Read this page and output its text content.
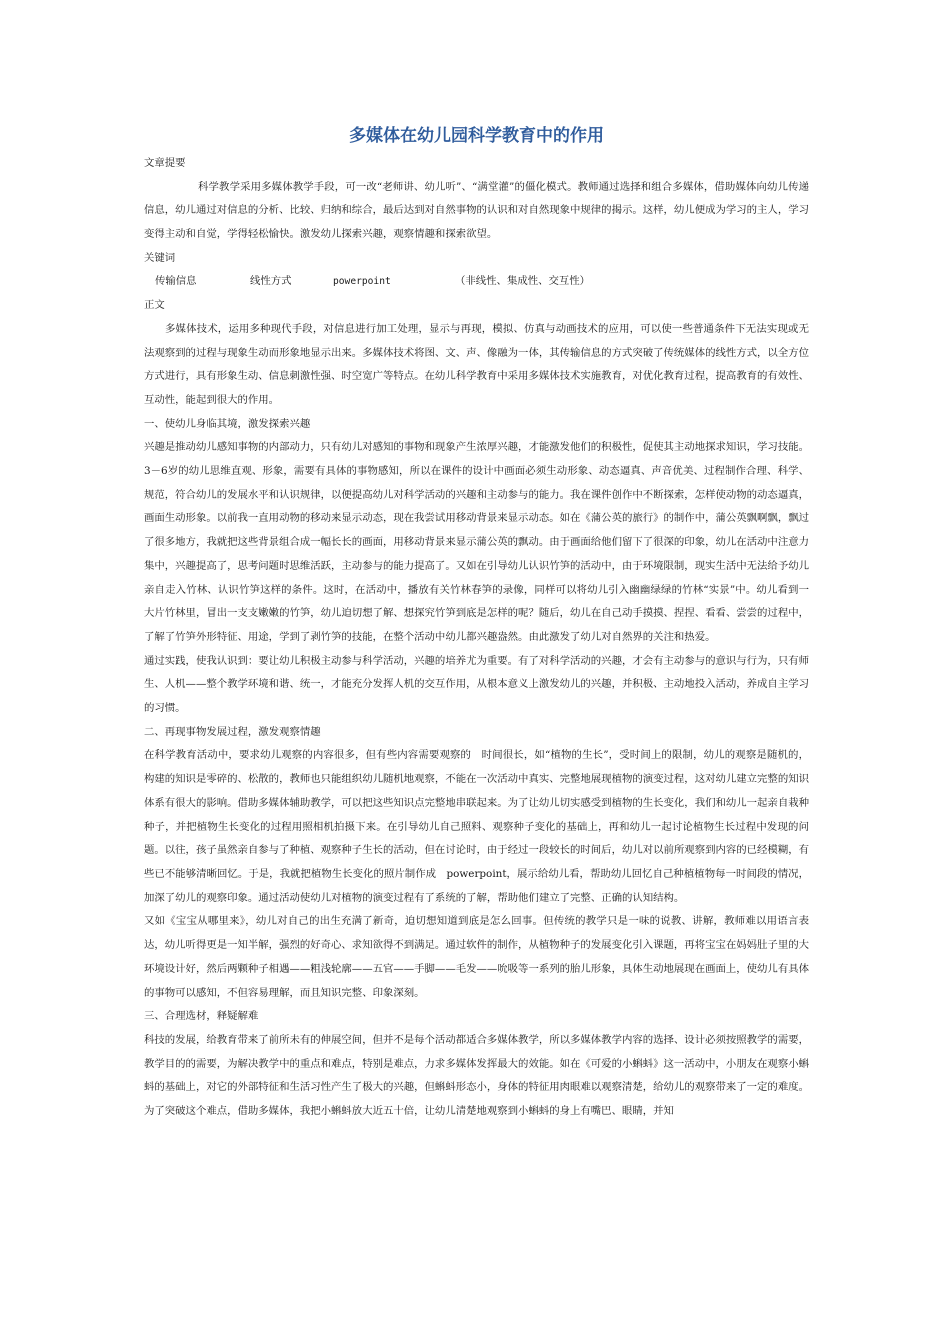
多媒体在幼儿园科学教育中的作用

文章提要

科学教学采用多媒体教学手段，可一改“老师讲、幼儿听”、“满堂灌”的僵化模式。教师通过选择和组合多媒体，借助媒体向幼儿传递信息，幼儿通过对信息的分析、比较、归纳和综合，最后达到对自然事物的认识和对自然现象中规律的揭示。这样，幼儿便成为学习的主人，学习变得主动和自觉，学得轻松愉快。激发幼儿探索兴趣，观察情趣和探索欲望。

关键词

传输信息	线性方式	powerpoint	（非线性、集成性、交互性）

正文

多媒体技术，运用多种现代手段，对信息进行加工处理，显示与再现，模拟、仿真与动画技术的应用，可以使一些普通条件下无法实现或无法观察到的过程与现象生动而形象地显示出来。多媒体技术将图、文、声、像融为一体，其传输信息的方式突破了传统媒体的线性方式，以全方位方式进行，具有形象生动、信息刺激性强、时空宽广等特点。在幼儿科学教育中采用多媒体技术实施教育，对优化教育过程，提高教育的有效性、互动性，能起到很大的作用。

一、使幼儿身临其境，激发探索兴趣

兴趣是推动幼儿感知事物的内部动力，只有幼儿对感知的事物和现象产生浓厚兴趣，才能激发他们的积极性，促使其主动地探求知识，学习技能。3－6岁的幼儿思维直观、形象，需要有具体的事物感知，所以在课件的设计中画面必须生动形象、动态逼真、声音优美、过程制作合理、科学、规范，符合幼儿的发展水平和认识规律，以便提高幼儿对科学活动的兴趣和主动参与的能力。我在课件创作中不断探索，怎样使动物的动态逼真，画面生动形象。以前我一直用动物的移动来显示动态，现在我尝试用移动背景来显示动态。如在《蒲公英的旅行》的制作中，蒲公英飘啊飘，飘过了很多地方，我就把这些背景组合成一幅长长的画面，用移动背景来显示蒲公英的飘动。由于画面给他们留下了很深的印象，幼儿在活动中注意力集中，兴趣提高了，思考问题时思维活跃，主动参与的能力提高了。又如在引导幼儿认识竹笋的活动中，由于环境限制，现实生活中无法给予幼儿亲自走入竹林、认识竹笋这样的条件。这时，在活动中，播放有关竹林春笋的录像，同样可以将幼儿引入幽幽绿绿的竹林“实景”中。幼儿看到一大片竹林里，冒出一支支嫩嫩的竹笋，幼儿迫切想了解、想探究竹笋到底是怎样的呢？随后，幼儿在自己动手摸摸、捏捏、看看、尝尝的过程中，了解了竹笋外形特征、用途，学到了剥竹笋的技能，在整个活动中幼儿都兴趣盎然。由此激发了幼儿对自然界的关注和热爱。

通过实践，使我认识到：要让幼儿积极主动参与科学活动，兴趣的培养尤为重要。有了对科学活动的兴趣，才会有主动参与的意识与行为，只有师生、人机——整个教学环境和谐、统一，才能充分发挥人机的交互作用，从根本意义上激发幼儿的兴趣，并积极、主动地投入活动，养成自主学习的习惯。

二、再现事物发展过程，激发观察情趣

在科学教育活动中，要求幼儿观察的内容很多，但有些内容需要观察的　时间很长，如“植物的生长”，受时间上的限制，幼儿的观察是随机的，构建的知识是零碎的、松散的，教师也只能组织幼儿随机地观察，不能在一次活动中真实、完整地展现植物的演变过程，这对幼儿建立完整的知识体系有很大的影响。借助多媒体辅助教学，可以把这些知识点完整地串联起来。为了让幼儿切实感受到植物的生长变化，我们和幼儿一起亲自栽种种子，并把植物生长变化的过程用照相机拍摄下来。在引导幼儿自己照料、观察种子变化的基础上，再和幼儿一起讨论植物生长过程中发现的问题。以往，孩子虽然亲自参与了种植、观察种子生长的活动，但在讨论时，由于经过一段较长的时间后，幼儿对以前所观察到内容的已经模糊，有些已不能够清晰回忆。于是，我就把植物生长变化的照片制作成　powerpoint，展示给幼儿看，帮助幼儿回忆自己种植植物每一时间段的情况，加深了幼儿的观察印象。通过活动使幼儿对植物的演变过程有了系统的了解，帮助他们建立了完整、正确的认知结构。

又如《宝宝从哪里来》，幼儿对自己的出生充满了新奇，迫切想知道到底是怎么回事。但传统的教学只是一味的说教、讲解，教师难以用语言表达，幼儿听得更是一知半解，强烈的好奇心、求知欲得不到满足。通过软件的制作，从植物种子的发展变化引入课题，再将宝宝在妈妈肚子里的大环境设计好，然后两颗种子相遇——粗浅轮廓——五官——手脚——毛发——吮吸等一系列的胎儿形象，具体生动地展现在画面上，使幼儿有具体的事物可以感知，不但容易理解，而且知识完整、印象深刻。

三、合理选材，释疑解难

科技的发展，给教育带来了前所未有的伸展空间，但并不是每个活动都适合多媒体教学，所以多媒体教学内容的选择、设计必须按照教学的需要，教学目的的需要，为解决教学中的重点和难点，特别是难点，力求多媒体发挥最大的效能。如在《可爱的小蝌蚪》这一活动中，小朋友在观察小蝌蚪的基础上，对它的外部特征和生活习性产生了极大的兴趣，但蝌蚪形态小，身体的特征用肉眼难以观察清楚，给幼儿的观察带来了一定的难度。为了突破这个难点，借助多媒体，我把小蝌蚪放大近五十倍，让幼儿清楚地观察到小蝌蚪的身上有嘴巴、眼睛，并知
